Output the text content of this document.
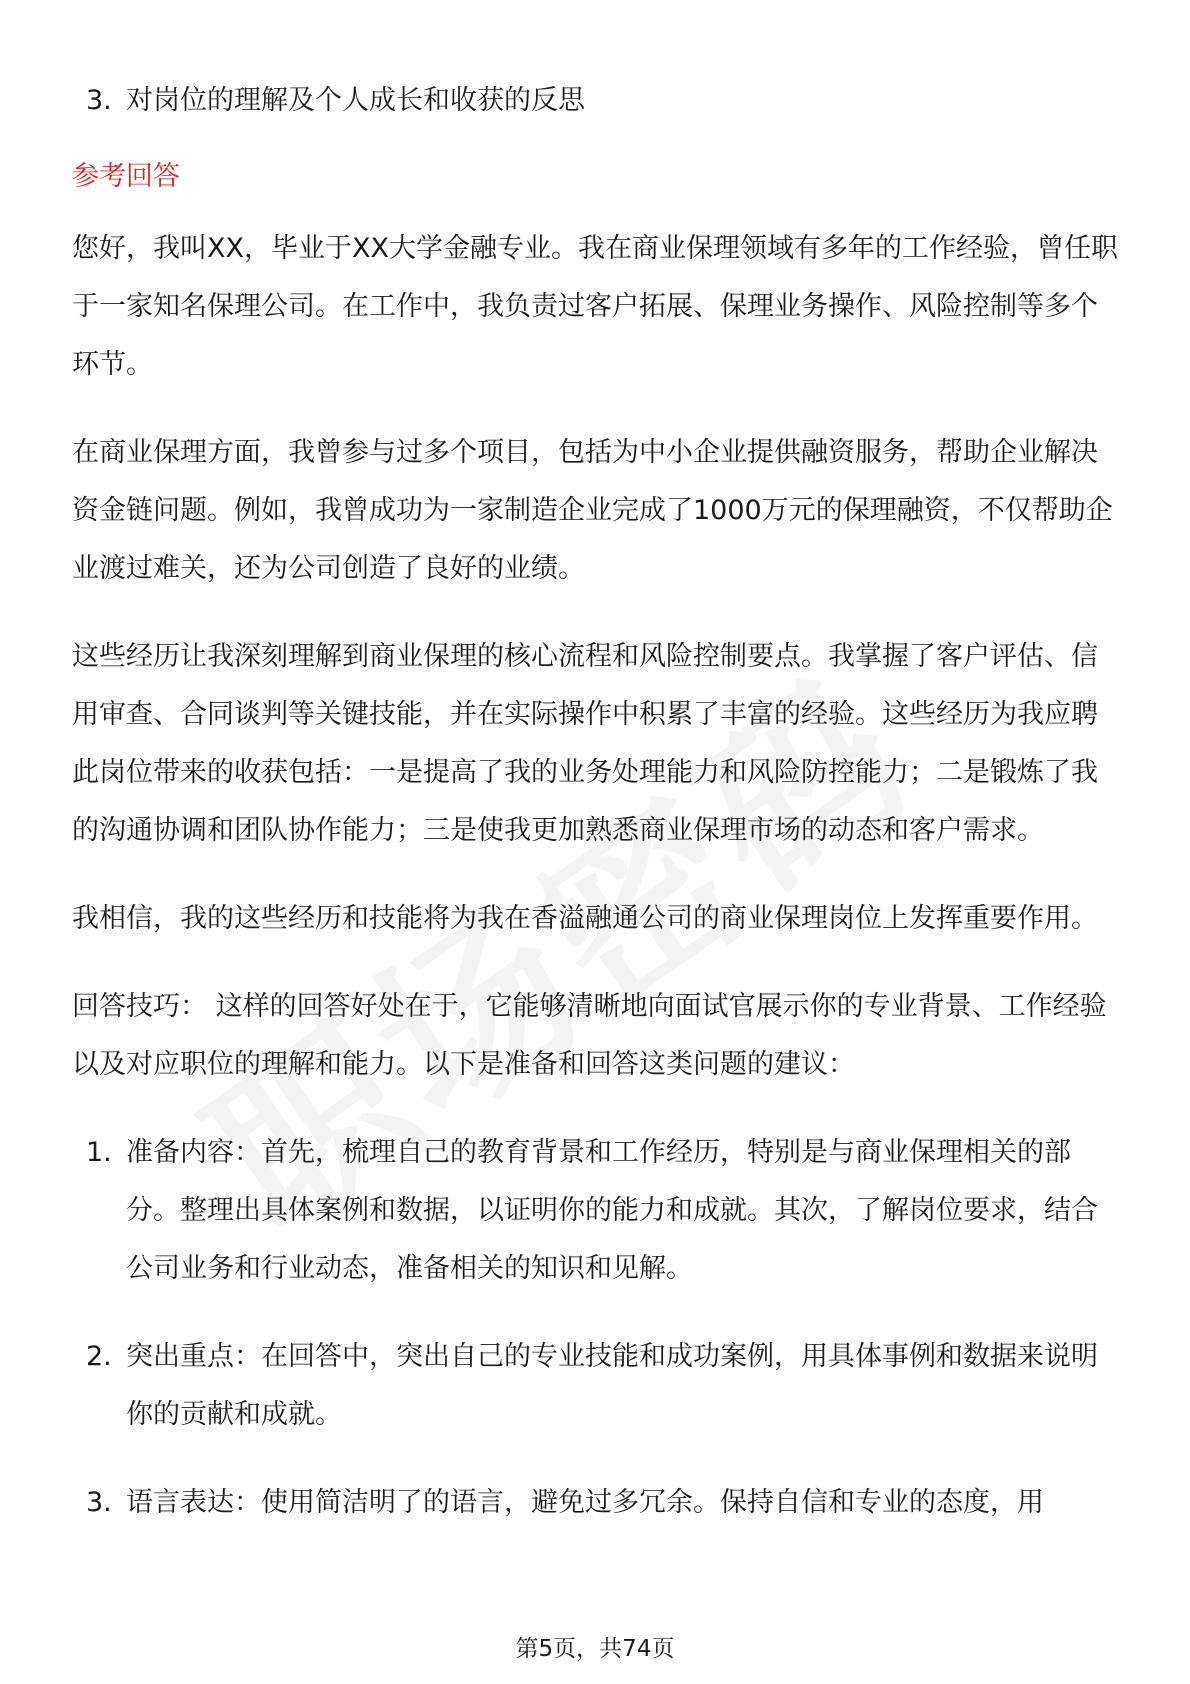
3. 对岗位的理解及个人成长和收获的反思
参考回答

您好，我叫XX，毕业于XX大学金融专业。我在商业保理领域有多年的工作经验，曾任职于一家知名保理公司。在工作中，我负责过客户拓展、保理业务操作、风险控制等多个环节。

在商业保理方面，我曾参与过多个项目，包括为中小企业提供融资服务，帮助企业解决资金链问题。例如，我曾成功为一家制造企业完成了1000万元的保理融资，不仅帮助企业渡过难关，还为公司创造了良好的业绩。

这些经历让我深刻理解到商业保理的核心流程和风险控制要点。我掌握了客户评估、信用审查、合同谈判等关键技能，并在实际操作中积累了丰富的经验。这些经历为我应聘此岗位带来的收获包括：一是提高了我的业务处理能力和风险防控能力；二是锻炼了我的沟通协调和团队协作能力；三是使我更加熟悉商业保理市场的动态和客户需求。

我相信，我的这些经历和技能将为我在香溢融通公司的商业保理岗位上发挥重要作用。

回答技巧： 这样的回答好处在于，它能够清晰地向面试官展示你的专业背景、工作经验以及对应职位的理解和能力。以下是准备和回答这类问题的建议：

1. 准备内容：首先，梳理自己的教育背景和工作经历，特别是与商业保理相关的部分。整理出具体案例和数据，以证明你的能力和成就。其次，了解岗位要求，结合公司业务和行业动态，准备相关的知识和见解。
2. 突出重点：在回答中，突出自己的专业技能和成功案例，用具体事例和数据来说明你的贡献和成就。
3. 语言表达：使用简洁明了的语言，避免过多冗余。保持自信和专业的态度，用
第5页，共74页
